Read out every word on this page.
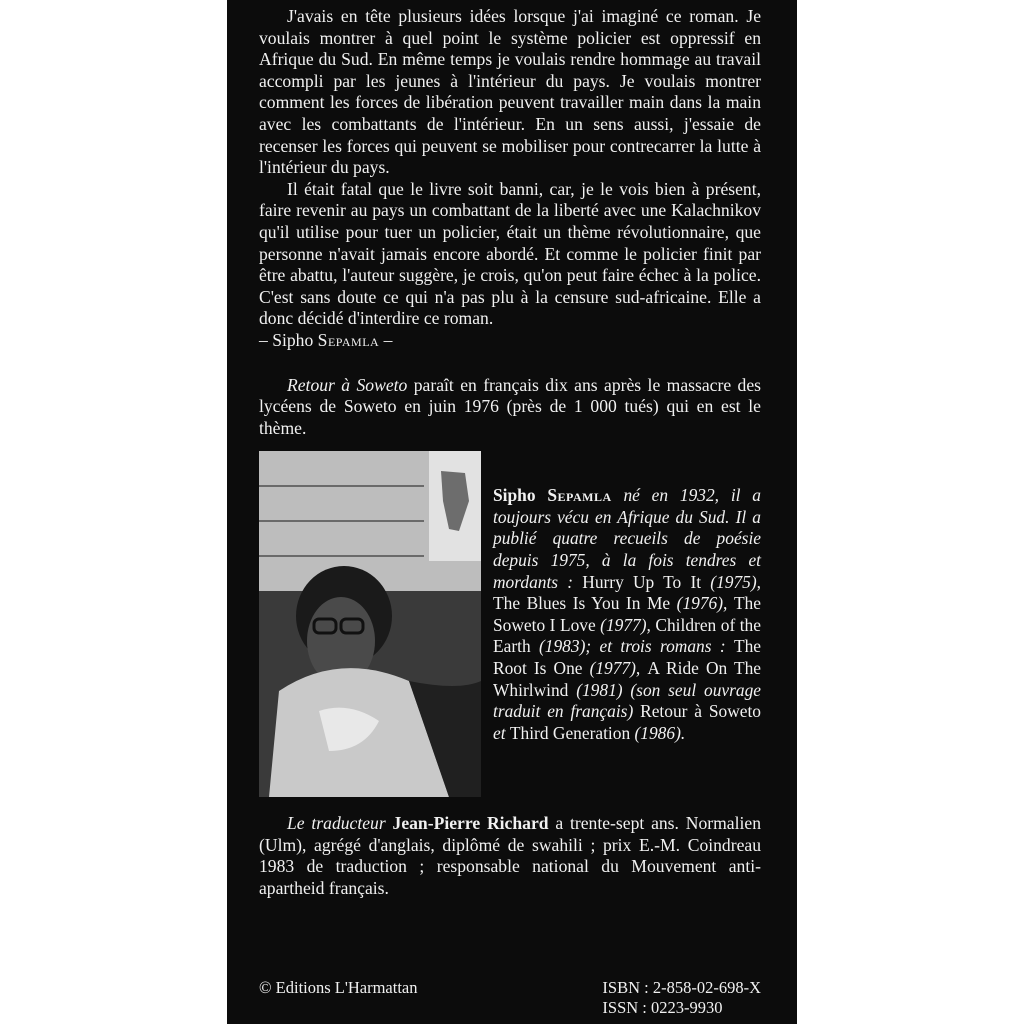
J'avais en tête plusieurs idées lorsque j'ai imaginé ce roman. Je voulais montrer à quel point le système policier est oppressif en Afrique du Sud. En même temps je voulais rendre hommage au travail accompli par les jeunes à l'intérieur du pays. Je voulais montrer comment les forces de libération peuvent travailler main dans la main avec les combattants de l'intérieur. En un sens aussi, j'essaie de recenser les forces qui peuvent se mobiliser pour contrecarrer la lutte à l'intérieur du pays.

Il était fatal que le livre soit banni, car, je le vois bien à présent, faire revenir au pays un combattant de la liberté avec une Kalachnikov qu'il utilise pour tuer un policier, était un thème révolutionnaire, que personne n'avait jamais encore abordé. Et comme le policier finit par être abattu, l'auteur suggère, je crois, qu'on peut faire échec à la police. C'est sans doute ce qui n'a pas plu à la censure sud-africaine. Elle a donc décidé d'interdire ce roman.

– Sipho Sepamla –

Retour à Soweto paraît en français dix ans après le massacre des lycéens de Soweto en juin 1976 (près de 1 000 tués) qui en est le thème.

Sipho Sepamla né en 1932, il a toujours vécu en Afrique du Sud. Il a publié quatre recueils de poésie depuis 1975, à la fois tendres et mordants : Hurry Up To It (1975), The Blues Is You In Me (1976), The Soweto I Love (1977), Children of the Earth (1983); et trois romans : The Root Is One (1977), A Ride On The Whirlwind (1981) (son seul ouvrage traduit en français) Retour à Soweto et Third Generation (1986).

Le traducteur Jean-Pierre Richard a trente-sept ans. Normalien (Ulm), agrégé d'anglais, diplômé de swahili ; prix E.-M. Coindreau 1983 de traduction ; responsable national du Mouvement anti-apartheid français.

© Editions L'Harmattan	ISBN : 2-858-02-698-X
ISSN : 0223-9930
